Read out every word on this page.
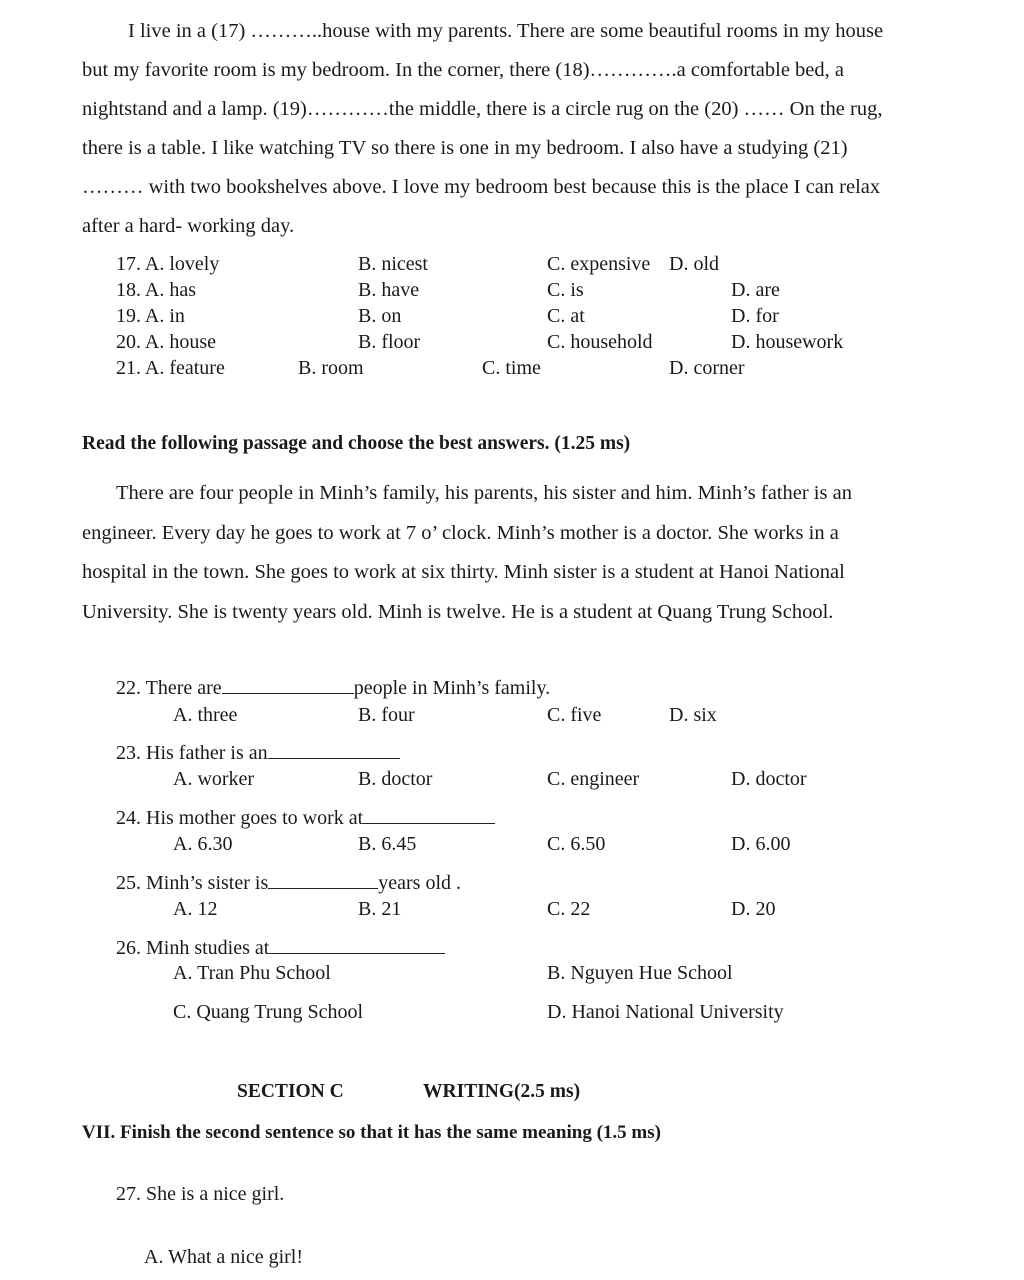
I live in a (17) ………..house with my parents. There are some beautiful rooms in my house
but my favorite room is my bedroom. In the corner, there (18)………….a comfortable bed, a
nightstand and a lamp. (19)…………the middle, there is a circle rug on the (20) …… On the rug,
there is a table. I like watching TV so there is one in my bedroom. I also have a studying (21)
……… with two bookshelves above. I love my bedroom best because this is the place I can relax
after a hard- working day.
17. A. lovely	B. nicest	C. expensive D. old
18. A. has	B. have	C. is	D. are
19. A. in	B. on	C. at	D. for
20. A. house	B. floor	C. household	D. housework
21. A. feature	B. room	C. time	D. corner
Read the following passage and choose the best answers. (1.25 ms)
There are four people in Minh’s family, his parents, his sister and him. Minh’s father is an
engineer. Every day he goes to work at 7 o’ clock. Minh’s mother is a doctor. She works in a
hospital in the town. She goes to work at six thirty. Minh sister is a student at Hanoi National
University. She is twenty years old. Minh is twelve. He is a student at Quang Trung School.
22. There are	people in Minh’s family.
A. three	B. four	C. five	D. six
23. His father is an
A. worker	B. doctor	C. engineer	D. doctor
24. His mother goes to work at
A. 6.30	B. 6.45	C. 6.50	D. 6.00
25. Minh’s sister is	years old .
A. 12	B. 21	C. 22	D. 20
26. Minh studies at
A. Tran Phu School	B. Nguyen Hue School
C. Quang Trung School	D. Hanoi National University
SECTION C	WRITING(2.5 ms)
VII. Finish the second sentence so that it has the same meaning (1.5 ms)
27. She is a nice girl.
A. What a nice girl!
